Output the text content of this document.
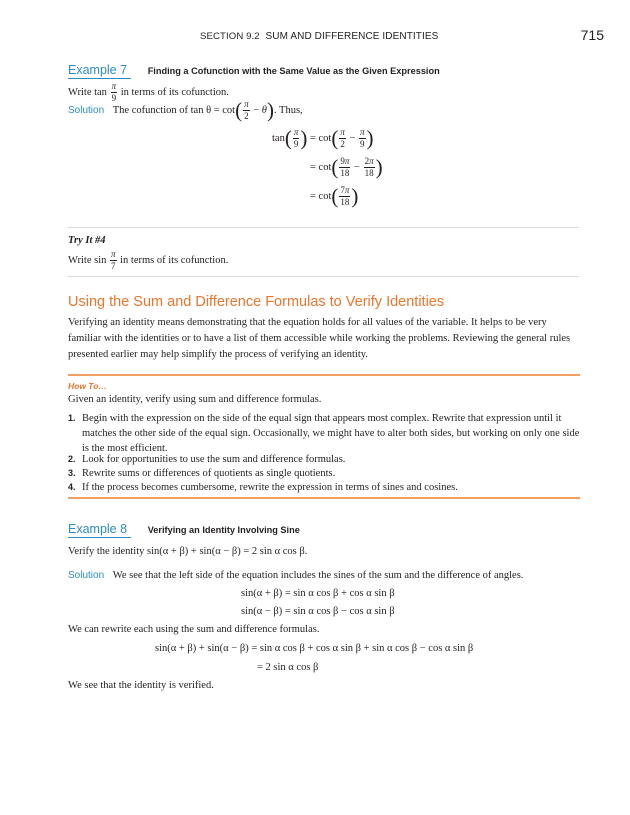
SECTION 9.2 SUM AND DIFFERENCE IDENTITIES	715
Example 7 Finding a Cofunction with the Same Value as the Given Expression
Write $\tan \frac{\pi}{9}$ in terms of its cofunction.
Solution The cofunction of $\tan \theta = \cot( \frac{\pi}{2} - \theta)$. Thus,
$\tan( \frac{\pi}{9}$ ) = $\cot( \frac{\pi}{2} - \frac{\pi}{9}$ )
= $\cot( \frac{9\pi}{18} - \frac{2\pi}{18}$ )
= $\cot( \frac{7\pi}{18}$ )
Try It #4
Write $\sin \frac{\pi}{7}$ in terms of its cofunction.
Using the Sum and Difference Formulas to Verify Identities
Verifying an identity means demonstrating that the equation holds for all values of the variable. It helps to be very familiar with the identities or to have a list of them accessible while working the problems. Reviewing the general rules presented earlier may help simplify the process of verifying an identity.
How To…
Given an identity, verify using sum and difference formulas.
1. Begin with the expression on the side of the equal sign that appears most complex. Rewrite that expression until it matches the other side of the equal sign. Occasionally, we might have to alter both sides, but working on only one side is the most efficient.
2. Look for opportunities to use the sum and difference formulas.
3. Rewrite sums or differences of quotients as single quotients.
4. If the process becomes cumbersome, rewrite the expression in terms of sines and cosines.
Example 8 Verifying an Identity Involving Sine
Verify the identity sin(α + β) + sin(α − β) = 2 sin α cos β.
Solution We see that the left side of the equation includes the sines of the sum and the difference of angles.
sin(α + β) = sin α cos β + cos α sin β
sin(α − β) = sin α cos β − cos α sin β
We can rewrite each using the sum and difference formulas.
sin(α + β) + sin(α − β) = sin α cos β + cos α sin β + sin α cos β − cos α sin β
= 2 sin α cos β
We see that the identity is verified.
